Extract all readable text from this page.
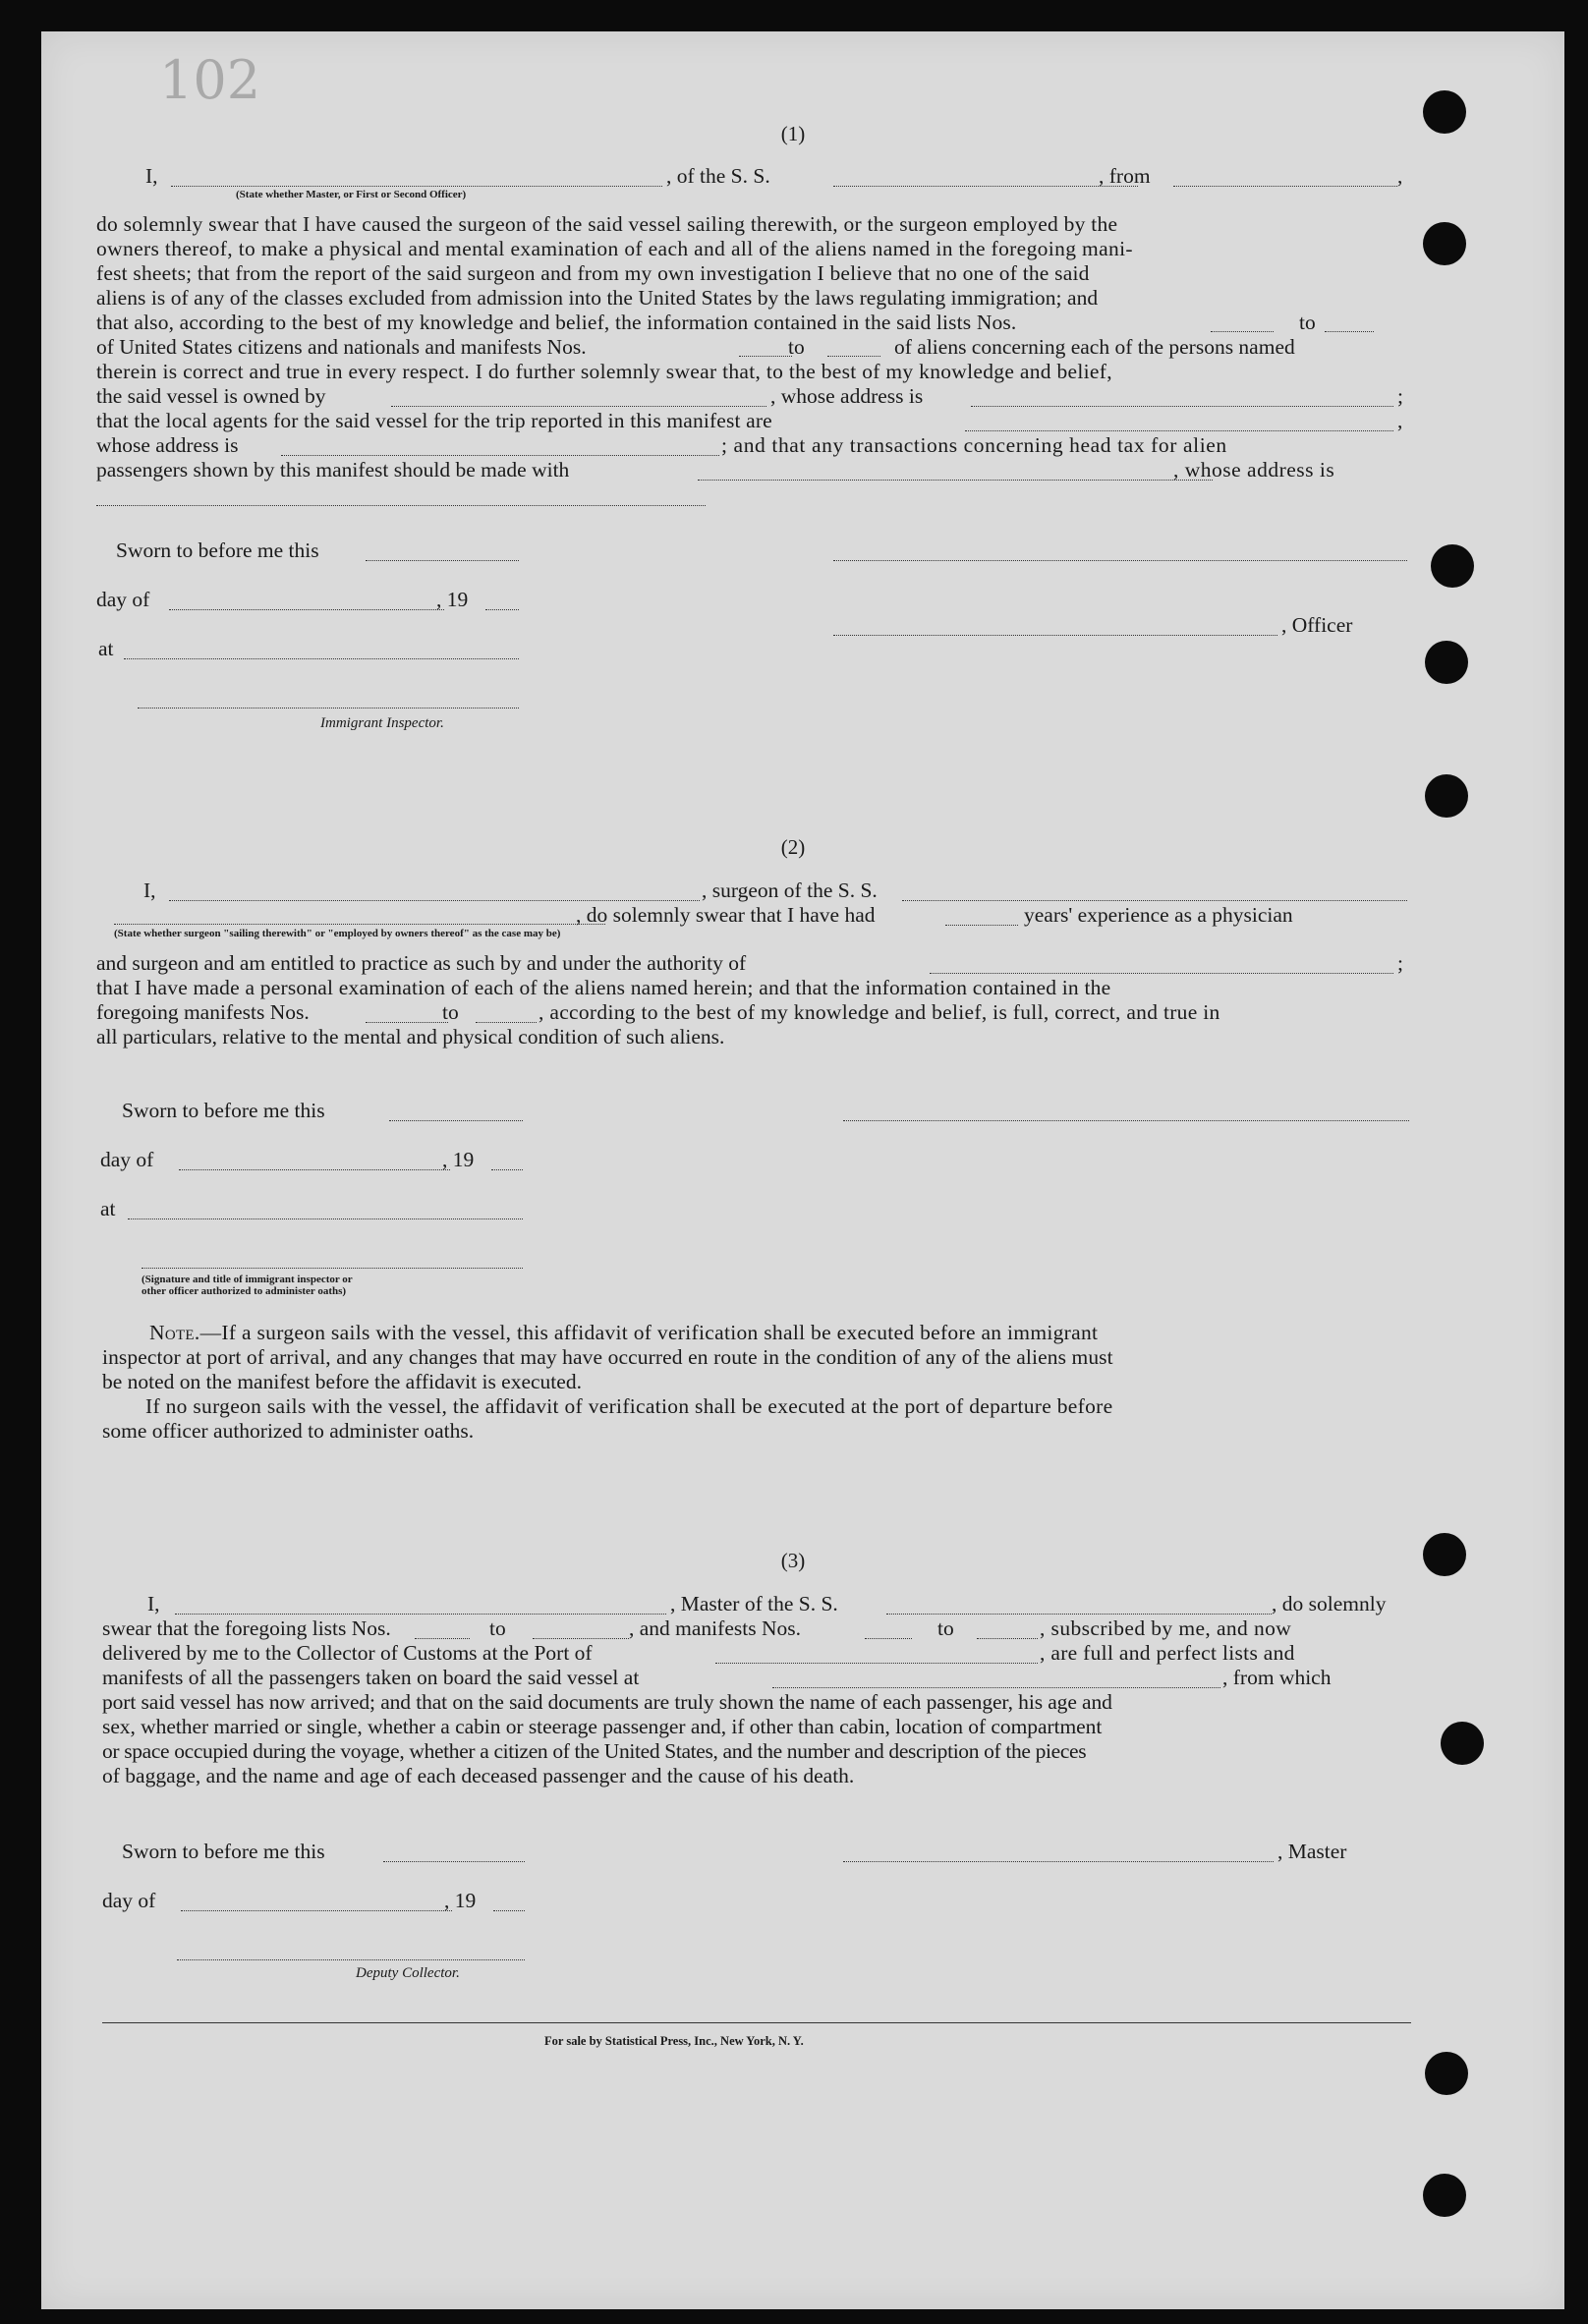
102
(1)
I,
(State whether Master, or First or Second Officer)
, of the S. S.	, from	,
do solemnly swear that I have caused the surgeon of the said vessel sailing therewith, or the surgeon employed by the
owners thereof, to make a physical and mental examination of each and all of the aliens named in the foregoing mani-
fest sheets; that from the report of the said surgeon and from my own investigation I believe that no one of the said
aliens is of any of the classes excluded from admission into the United States by the laws regulating immigration; and
that also, according to the best of my knowledge and belief, the information contained in the said lists Nos.	to
of United States citizens and nationals and manifests Nos.	to	of aliens concerning each of the persons named
therein is correct and true in every respect. I do further solemnly swear that, to the best of my knowledge and belief,
the said vessel is owned by	, whose address is	;
that the local agents for the said vessel for the trip reported in this manifest are	,
whose address is	; and that any transactions concerning head tax for alien
passengers shown by this manifest should be made with	, whose address is
Sworn to before me this
day of	, 19
at
Immigrant Inspector.
, Officer
(2)
I,	, surgeon of the S. S.
, do solemnly swear that I have had	years' experience as a physician
(State whether surgeon "sailing therewith" or "employed by owners thereof" as the case may be)
and surgeon and am entitled to practice as such by and under the authority of	;
that I have made a personal examination of each of the aliens named herein; and that the information contained in the
foregoing manifests Nos.	to	, according to the best of my knowledge and belief, is full, correct, and true in
all particulars, relative to the mental and physical condition of such aliens.
Sworn to before me this
day of	, 19
at
(Signature and title of immigrant inspector or
other officer authorized to administer oaths)
Note.—If a surgeon sails with the vessel, this affidavit of verification shall be executed before an immigrant
inspector at port of arrival, and any changes that may have occurred en route in the condition of any of the aliens must
be noted on the manifest before the affidavit is executed.
If no surgeon sails with the vessel, the affidavit of verification shall be executed at the port of departure before
some officer authorized to administer oaths.
(3)
I,	, Master of the S. S.	, do solemnly
swear that the foregoing lists Nos.	to	, and manifests Nos.	to	, subscribed by me, and now
delivered by me to the Collector of Customs at the Port of	, are full and perfect lists and
manifests of all the passengers taken on board the said vessel at	, from which
port said vessel has now arrived; and that on the said documents are truly shown the name of each passenger, his age and
sex, whether married or single, whether a cabin or steerage passenger and, if other than cabin, location of compartment
or space occupied during the voyage, whether a citizen of the United States, and the number and description of the pieces
of baggage, and the name and age of each deceased passenger and the cause of his death.
Sworn to before me this	, Master
day of	, 19
Deputy Collector.
For sale by Statistical Press, Inc., New York, N. Y.
